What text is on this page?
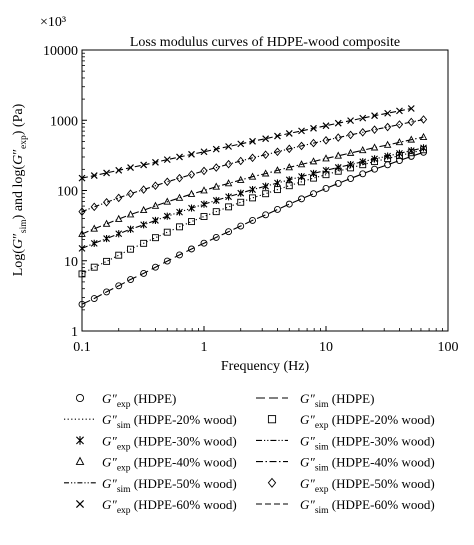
×10³
Loss modulus curves of HDPE-wood composite
1
10
100
1000
10000
0.1	1	10	100
Frequency (Hz)
$Log(G''_{sim})$ and $\log(G''_{exp})$ (Pa)
$G''_{exp}$ (HDPE)	$G''_{sim}$ (HDPE)
$G''_{sim}$ (HDPE-20% wood)	$G''_{exp}$ (HDPE-20% wood)
$G''_{exp}$ (HDPE-30% wood)	$G''_{sim}$ (HDPE-30% wood)
$G''_{exp}$ (HDPE-40% wood)	$G''_{sim}$ (HDPE-40% wood)
$G''_{sim}$ (HDPE-50% wood)	$G''_{exp}$ (HDPE-50% wood)
$G''_{exp}$ (HDPE-60% wood)	$G''_{sim}$ (HDPE-60% wood)
